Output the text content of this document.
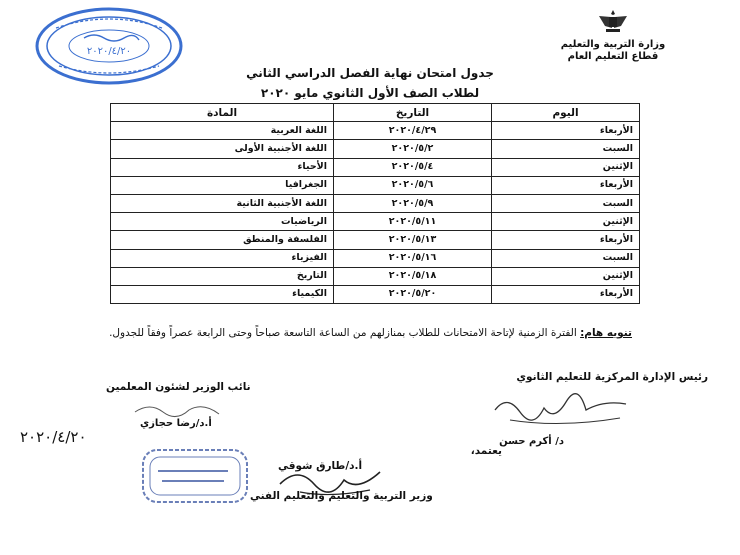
وزارة التربية والتعليم
قطاع التعليم العام
٢٠٢٠/٤/٢٠
جدول امتحان نهاية الفصل الدراسي الثاني
لطلاب الصف الأول الثانوي مايو ٢٠٢٠
اليوم	التاريخ	المادة
الأربعاء	٢٠٢٠/٤/٢٩	اللغة العربية
السبت	٢٠٢٠/٥/٢	اللغة الأجنبية الأولى
الإثنين	٢٠٢٠/٥/٤	الأحياء
الأربعاء	٢٠٢٠/٥/٦	الجغرافيا
السبت	٢٠٢٠/٥/٩	اللغة الأجنبية الثانية
الإثنين	٢٠٢٠/٥/١١	الرياضيات
الأربعاء	٢٠٢٠/٥/١٣	الفلسفة والمنطق
السبت	٢٠٢٠/٥/١٦	الفيزياء
الإثنين	٢٠٢٠/٥/١٨	التاريخ
الأربعاء	٢٠٢٠/٥/٢٠	الكيمياء
تنويه هام: الفترة الزمنية لإتاحة الامتحانات للطلاب بمنازلهم من الساعة التاسعة صباحاً وحتى الرابعة عصراً وفقاً للجدول.
رئيس الإدارة المركزية للتعليم الثانوي
د/ أكرم حسن
نائب الوزير لشئون المعلمين
أ.د/رضا حجازي
٢٠٢٠/٤/٢٠
يعتمد،
أ.د/طارق شوقي
وزير التربية والتعليم والتعليم الفني
